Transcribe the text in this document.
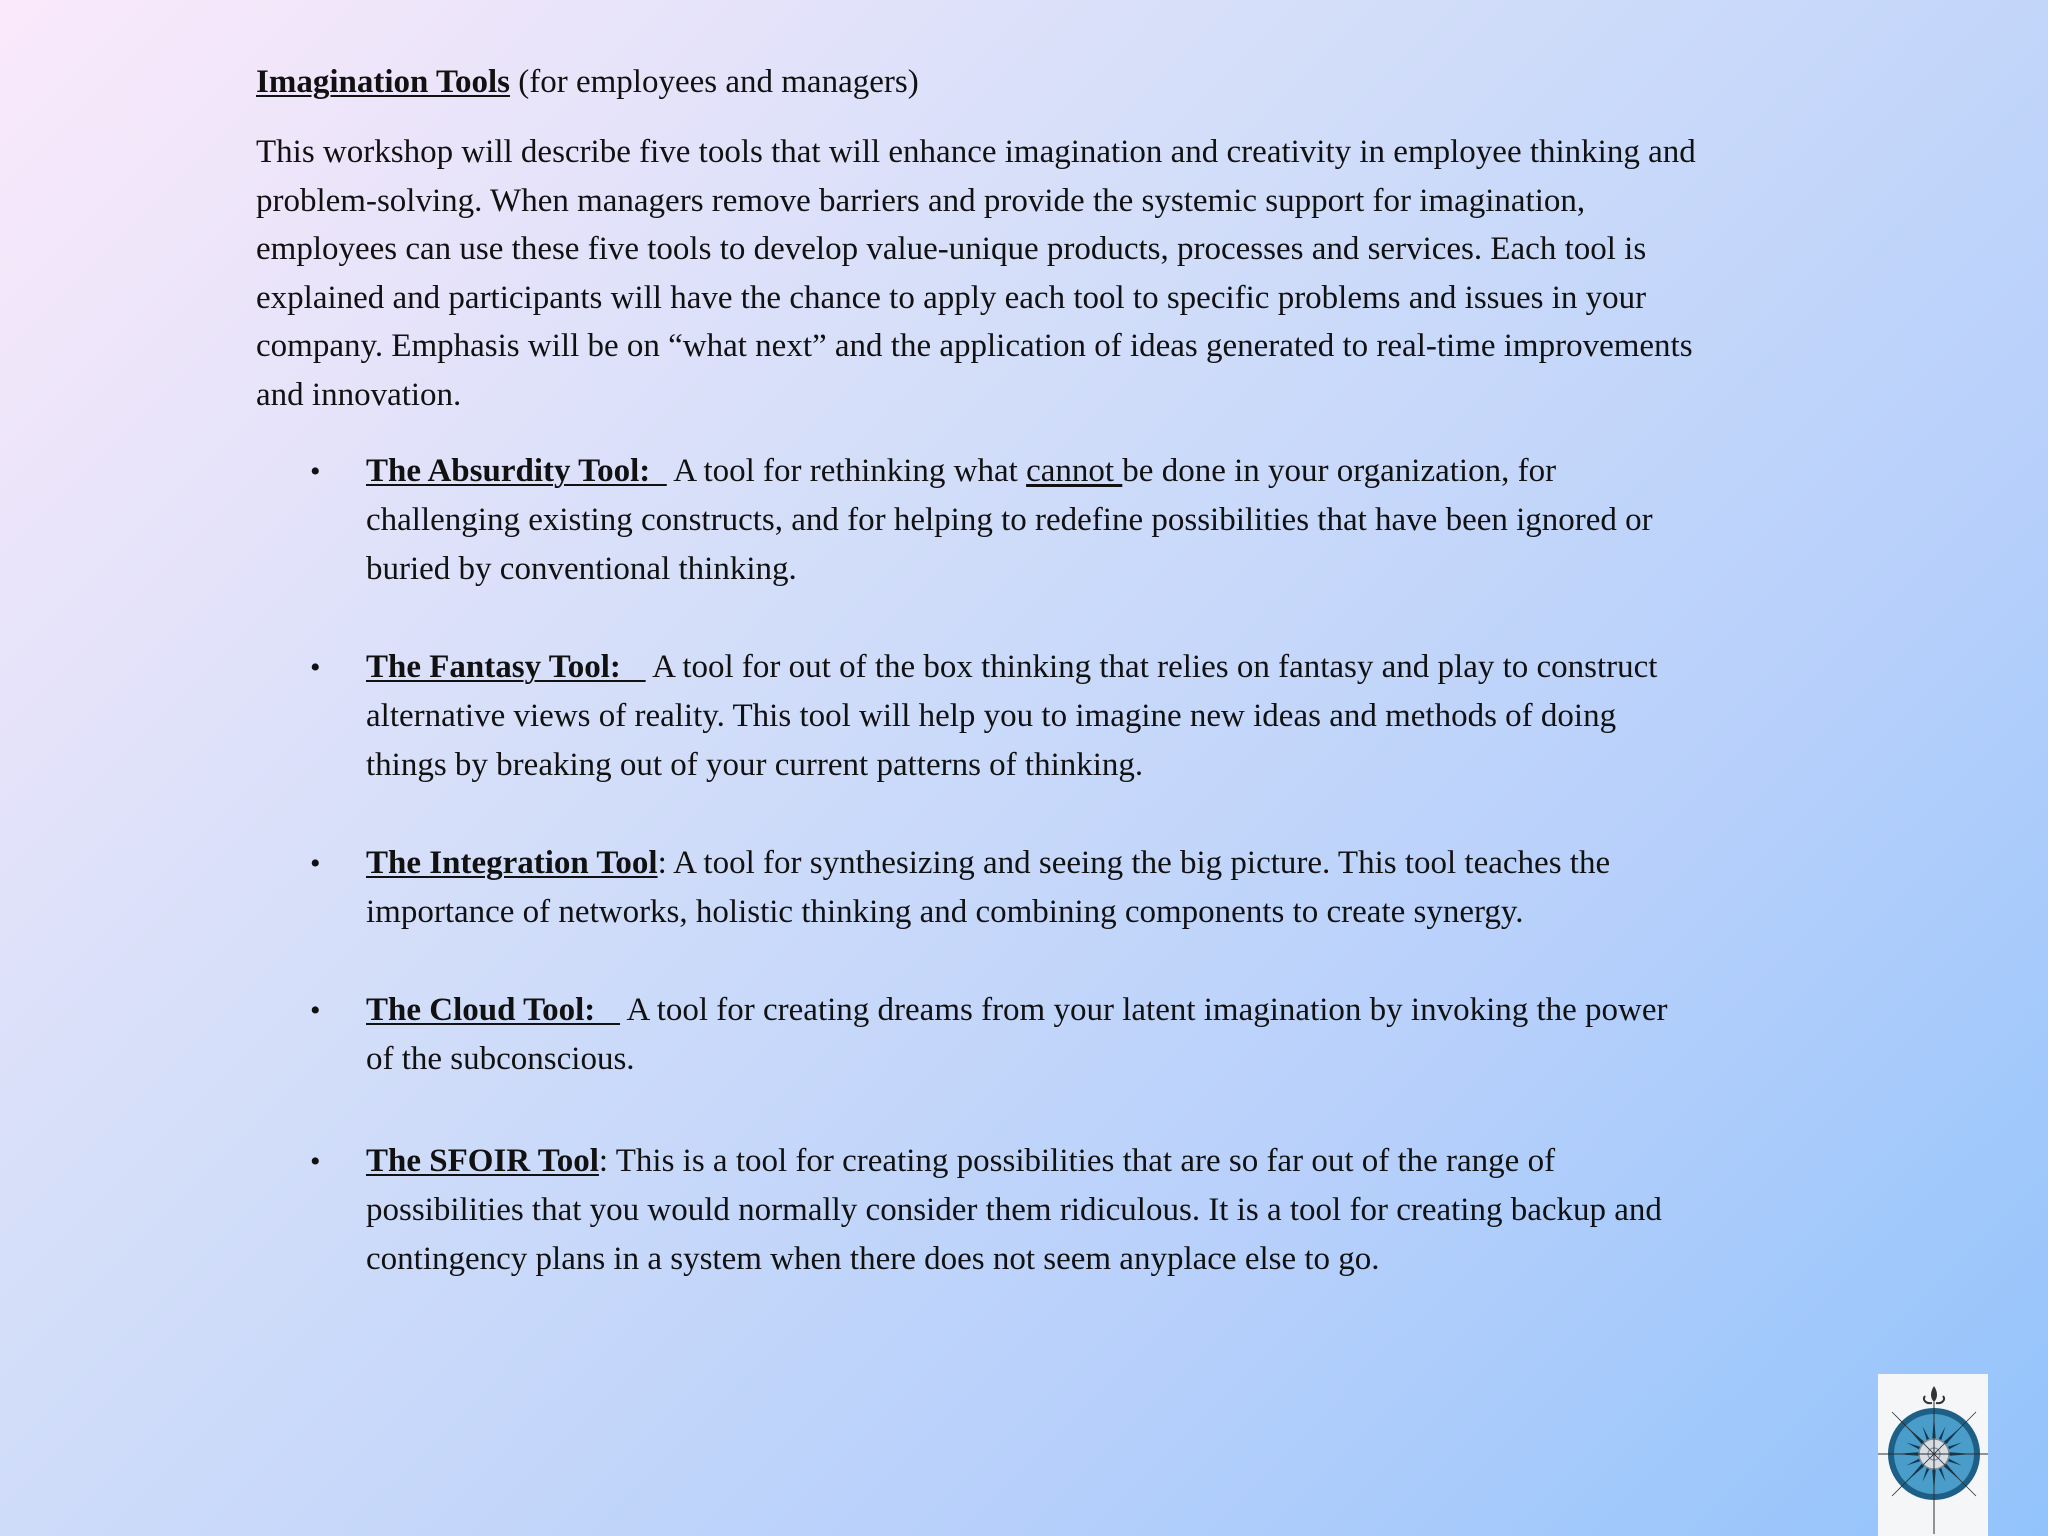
Imagination Tools (for employees and managers)

This workshop will describe five tools that will enhance imagination and creativity in employee thinking and problem-solving. When managers remove barriers and provide the systemic support for imagination, employees can use these five tools to develop value-unique products, processes and services. Each tool is explained and participants will have the chance to apply each tool to specific problems and issues in your company. Emphasis will be on “what next” and the application of ideas generated to real-time improvements and innovation.

• The Absurdity Tool:   A tool for rethinking what cannot be done in your organization, for challenging existing constructs, and for helping to redefine possibilities that have been ignored or buried by conventional thinking.
• The Fantasy Tool:    A tool for out of the box thinking that relies on fantasy and play to construct alternative views of reality. This tool will help you to imagine new ideas and methods of doing things by breaking out of your current patterns of thinking.
• The Integration Tool: A tool for synthesizing and seeing the big picture. This tool teaches the importance of networks, holistic thinking and combining components to create synergy.
• The Cloud Tool:    A tool for creating dreams from your latent imagination by invoking the power of the subconscious.
• The SFOIR Tool: This is a tool for creating possibilities that are so far out of the range of possibilities that you would normally consider them ridiculous. It is a tool for creating backup and contingency plans in a system when there does not seem anyplace else to go.
